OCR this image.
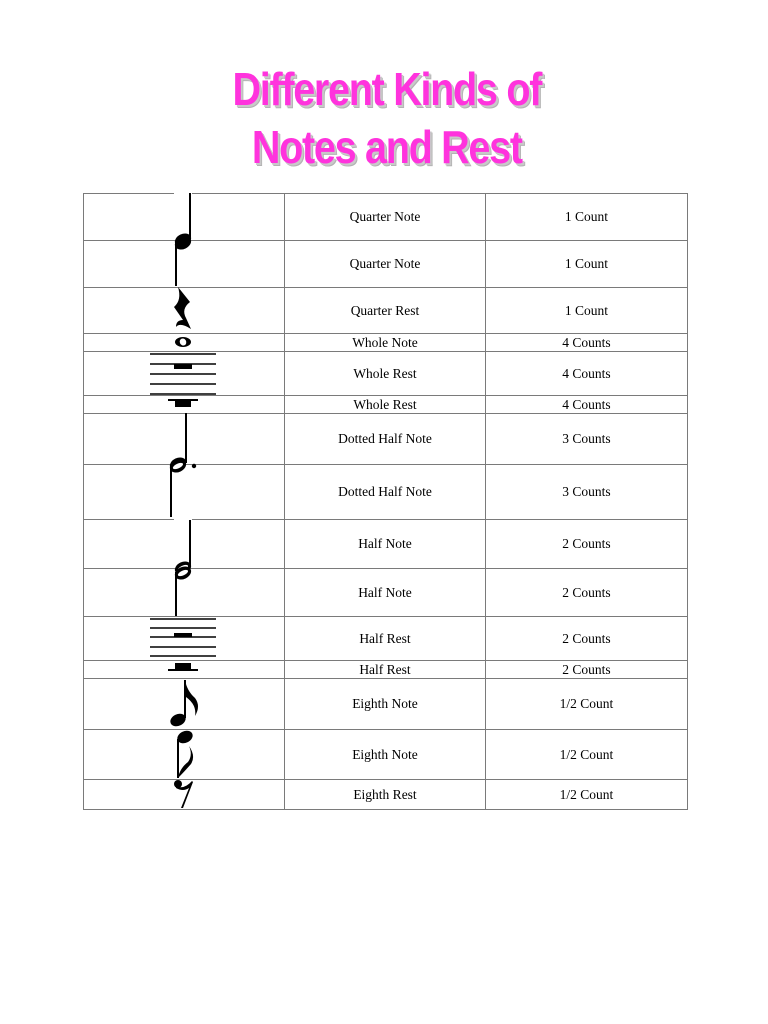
Different Kinds of
Notes and Rest
	Quarter Note	1 Count
	Quarter Note	1 Count
	Quarter Rest	1 Count
	Whole Note	4 Counts
	Whole Rest	4 Counts
	Whole Rest	4 Counts
	Dotted Half Note	3 Counts
	Dotted Half Note	3 Counts
	Half Note	2 Counts
	Half Note	2 Counts
	Half Rest	2 Counts
	Half Rest	2 Counts
	Eighth Note	1/2 Count
	Eighth Note	1/2 Count
	Eighth Rest	1/2 Count
